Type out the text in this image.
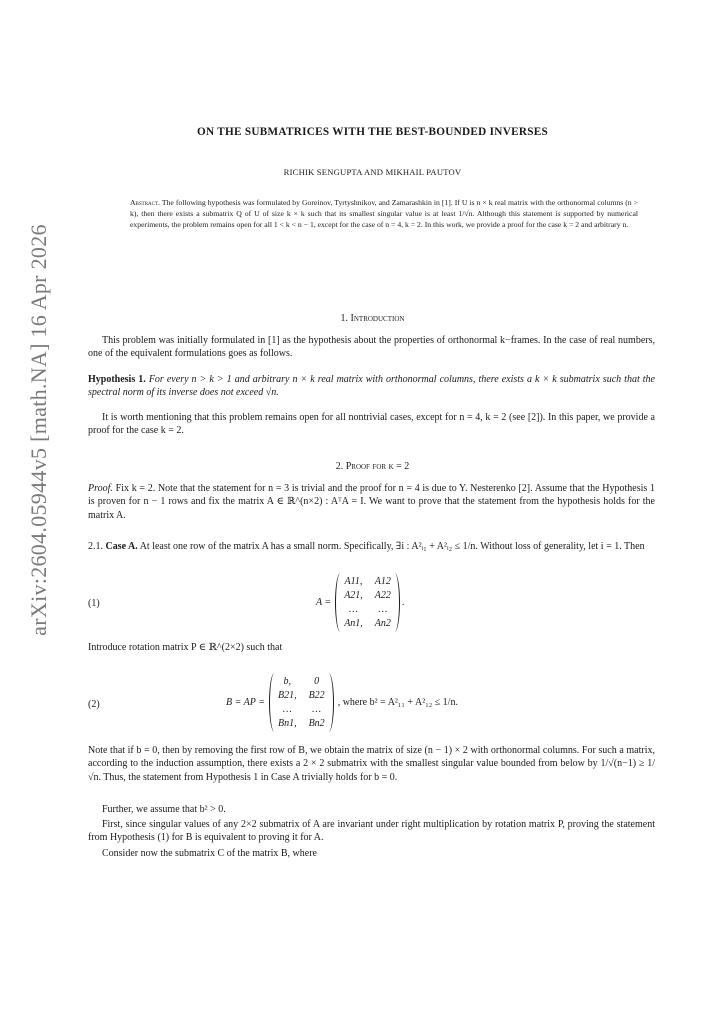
arXiv:2604.05944v5 [math.NA] 16 Apr 2026
ON THE SUBMATRICES WITH THE BEST-BOUNDED INVERSES
RICHIK SENGUPTA AND MIKHAIL PAUTOV
Abstract. The following hypothesis was formulated by Goreinov, Tyrtyshnikov, and Zamarashkin in [1]. If U is n × k real matrix with the orthonormal columns (n > k), then there exists a submatrix Q of U of size k × k such that its smallest singular value is at least 1/√n. Although this statement is supported by numerical experiments, the problem remains open for all 1 < k < n − 1, except for the case of n = 4, k = 2. In this work, we provide a proof for the case k = 2 and arbitrary n.
1. Introduction
This problem was initially formulated in [1] as the hypothesis about the properties of orthonormal k−frames. In the case of real numbers, one of the equivalent formulations goes as follows.
Hypothesis 1. For every n > k > 1 and arbitrary n × k real matrix with orthonormal columns, there exists a k × k submatrix such that the spectral norm of its inverse does not exceed √n.
It is worth mentioning that this problem remains open for all nontrivial cases, except for n = 4, k = 2 (see [2]). In this paper, we provide a proof for the case k = 2.
2. Proof for k = 2
Proof. Fix k = 2. Note that the statement for n = 3 is trivial and the proof for n = 4 is due to Y. Nesterenko [2]. Assume that the Hypothesis 1 is proven for n − 1 rows and fix the matrix A ∈ ℝ^(n×2) : AᵀA = I. We want to prove that the statement from the hypothesis holds for the matrix A.
2.1. Case A. At least one row of the matrix A has a small norm. Specifically, ∃i : A²ᵢ₁ + A²ᵢ₂ ≤ 1/n. Without loss of generality, let i = 1. Then
(1)	A =
A11, A12
A21, A22
…	…
An1, An2
.
Introduce rotation matrix P ∈ ℝ^(2×2) such that
(2)	B = AP =
b,	0
B21, B22
…	…
Bn1, Bn2
, where b² = A²₁₁ + A²₁₂ ≤ 1/n.
Note that if b = 0, then by removing the first row of B, we obtain the matrix of size (n − 1) × 2 with orthonormal columns. For such a matrix, according to the induction assumption, there exists a 2 × 2 submatrix with the smallest singular value bounded from below by 1/√(n−1) ≥ 1/√n. Thus, the statement from Hypothesis 1 in Case A trivially holds for b = 0.
Further, we assume that b² > 0.
First, since singular values of any 2×2 submatrix of A are invariant under right multiplication by rotation matrix P, proving the statement from Hypothesis (1) for B is equivalent to proving it for A.
Consider now the submatrix C of the matrix B, where
